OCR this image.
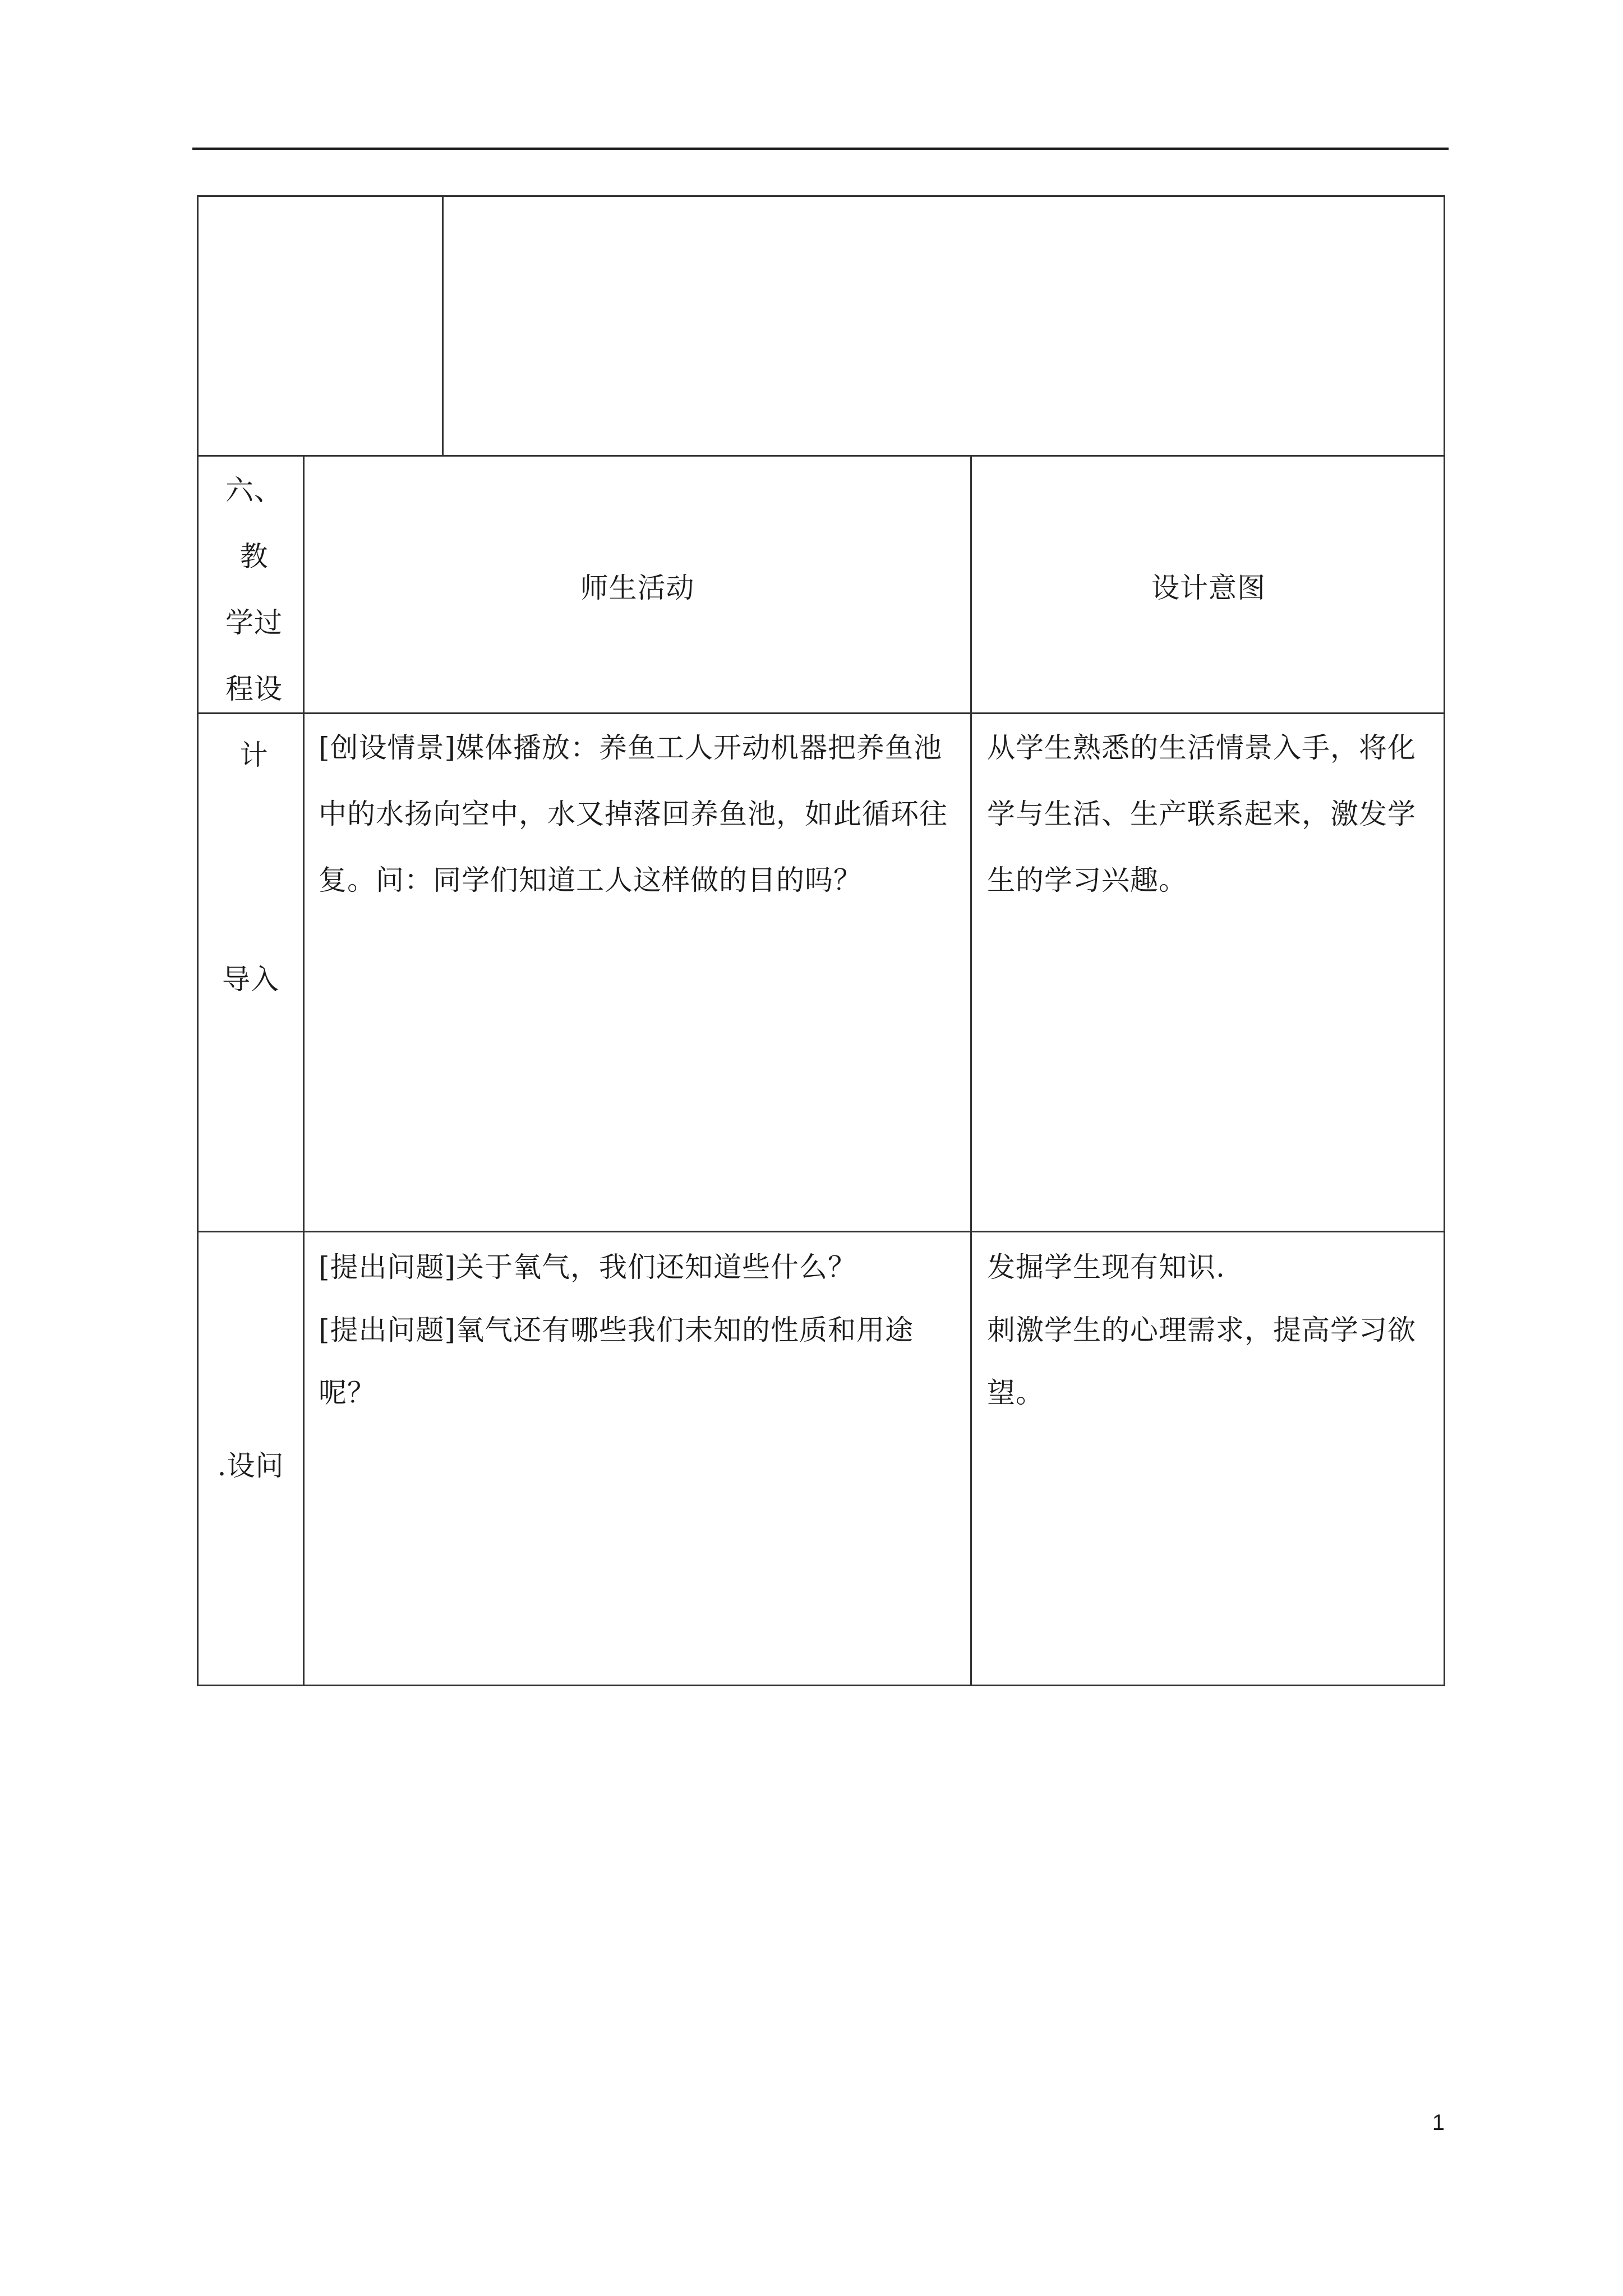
六、教
学过
程设
计
师生活动	设计意图
导入
[创设情景]媒体播放：养鱼工人开动机器把养鱼池
中的水扬向空中，水又掉落回养鱼池，如此循环往
复。问：同学们知道工人这样做的目的吗？
从学生熟悉的生活情景入手，将化
学与生活、生产联系起来，激发学
生的学习兴趣。
.设问
[提出问题]关于氧气，我们还知道些什么？
[提出问题]氧气还有哪些我们未知的性质和用途
呢？
发掘学生现有知识.
刺激学生的心理需求，提高学习欲
望。
1
